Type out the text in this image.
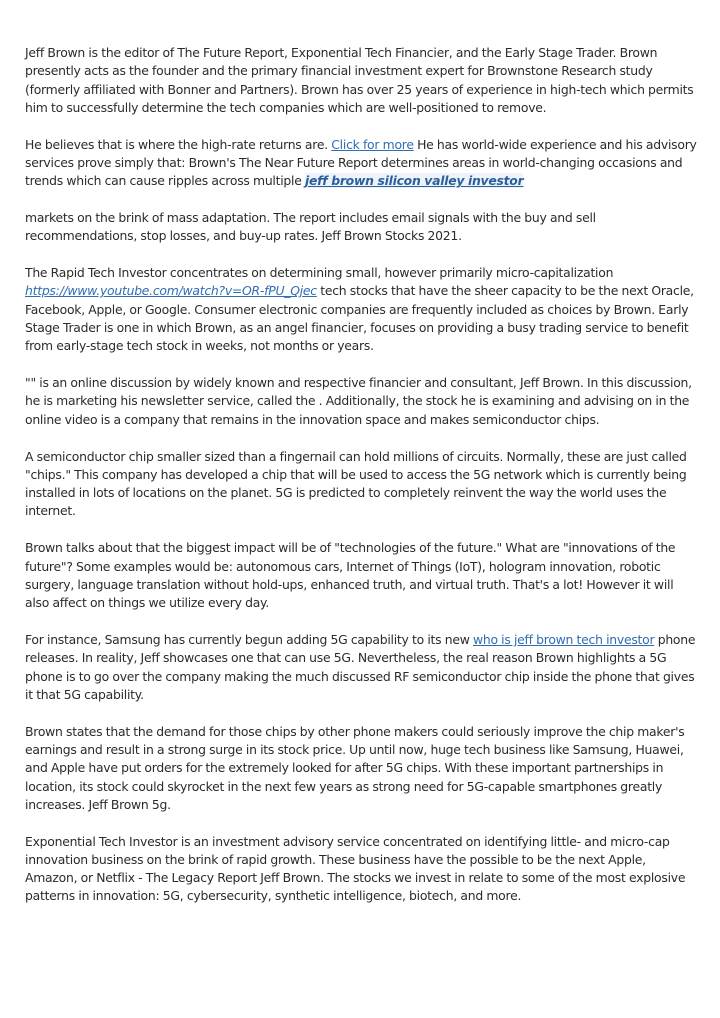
Jeff Brown is the editor of The Future Report, Exponential Tech Financier, and the Early Stage Trader. Brown presently acts as the founder and the primary financial investment expert for Brownstone Research study (formerly affiliated with Bonner and Partners). Brown has over 25 years of experience in high-tech which permits him to successfully determine the tech companies which are well-positioned to remove.

He believes that is where the high-rate returns are. Click for more He has world-wide experience and his advisory services prove simply that: Brown's The Near Future Report determines areas in world-changing occasions and trends which can cause ripples across multiple jeff brown silicon valley investor

markets on the brink of mass adaptation. The report includes email signals with the buy and sell recommendations, stop losses, and buy-up rates. Jeff Brown Stocks 2021.

The Rapid Tech Investor concentrates on determining small, however primarily micro-capitalization https://www.youtube.com/watch?v=OR-fPU_Qjec tech stocks that have the sheer capacity to be the next Oracle, Facebook, Apple, or Google. Consumer electronic companies are frequently included as choices by Brown. Early Stage Trader is one in which Brown, as an angel financier, focuses on providing a busy trading service to benefit from early-stage tech stock in weeks, not months or years.

"" is an online discussion by widely known and respective financier and consultant, Jeff Brown. In this discussion, he is marketing his newsletter service, called the . Additionally, the stock he is examining and advising on in the online video is a company that remains in the innovation space and makes semiconductor chips.

A semiconductor chip smaller sized than a fingernail can hold millions of circuits. Normally, these are just called "chips." This company has developed a chip that will be used to access the 5G network which is currently being installed in lots of locations on the planet. 5G is predicted to completely reinvent the way the world uses the internet.

Brown talks about that the biggest impact will be of "technologies of the future." What are "innovations of the future"? Some examples would be: autonomous cars, Internet of Things (IoT), hologram innovation, robotic surgery, language translation without hold-ups, enhanced truth, and virtual truth. That's a lot! However it will also affect on things we utilize every day.

For instance, Samsung has currently begun adding 5G capability to its new who is jeff brown tech investor phone releases. In reality, Jeff showcases one that can use 5G. Nevertheless, the real reason Brown highlights a 5G phone is to go over the company making the much discussed RF semiconductor chip inside the phone that gives it that 5G capability.

Brown states that the demand for those chips by other phone makers could seriously improve the chip maker's earnings and result in a strong surge in its stock price. Up until now, huge tech business like Samsung, Huawei, and Apple have put orders for the extremely looked for after 5G chips. With these important partnerships in location, its stock could skyrocket in the next few years as strong need for 5G-capable smartphones greatly increases. Jeff Brown 5g.

Exponential Tech Investor is an investment advisory service concentrated on identifying little- and micro-cap innovation business on the brink of rapid growth. These business have the possible to be the next Apple, Amazon, or Netflix - The Legacy Report Jeff Brown. The stocks we invest in relate to some of the most explosive patterns in innovation: 5G, cybersecurity, synthetic intelligence, biotech, and more.
